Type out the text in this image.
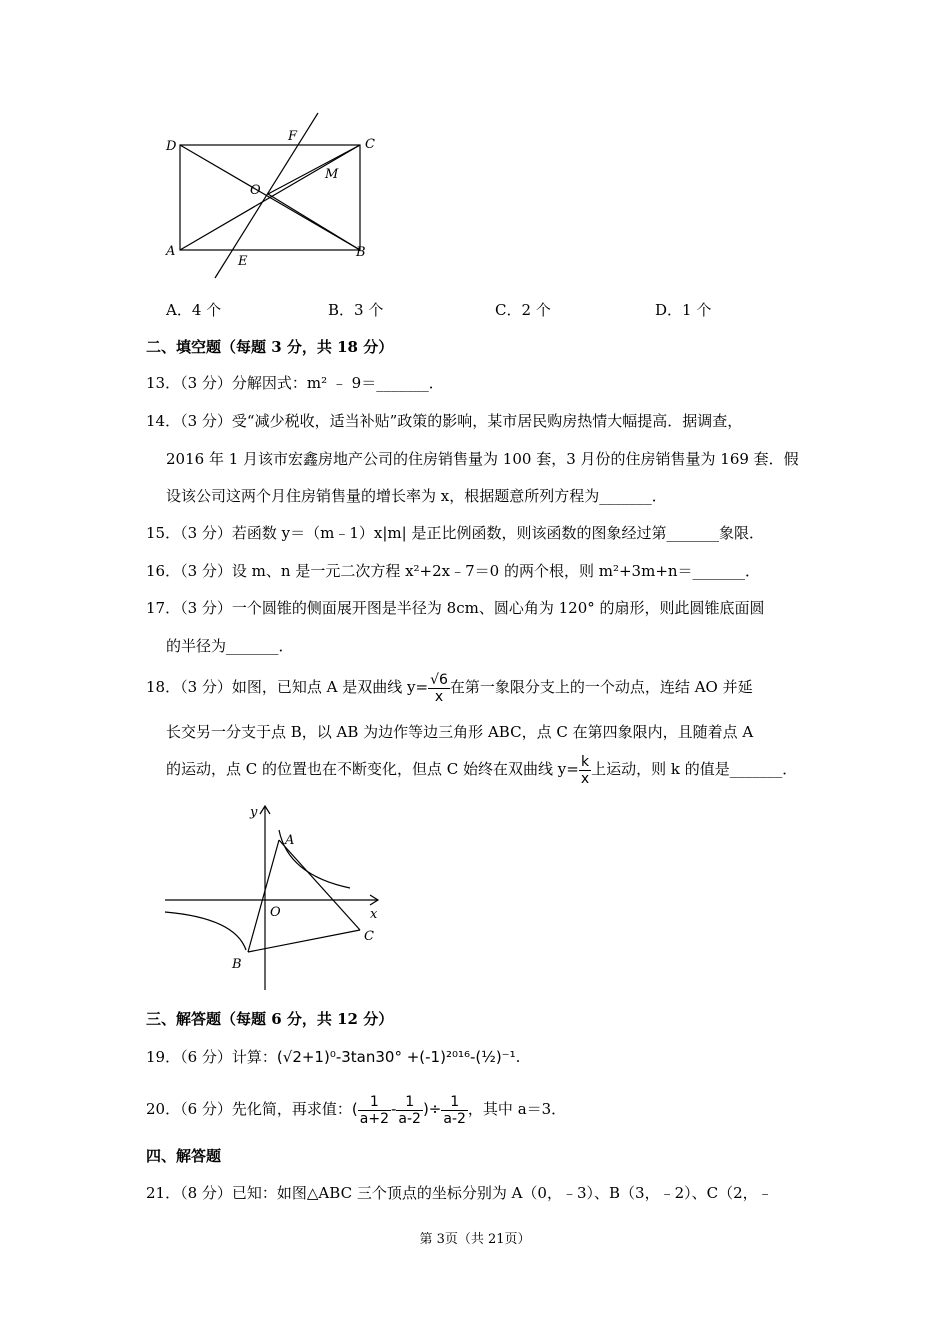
D
F
C
O
M
A
E
B
A．4 个	B．3 个	C．2 个	D．1 个
二、填空题（每题 3 分，共 18 分）
13．（3 分）分解因式：m² ﹣ 9＝_______．
14．（3 分）受“减少税收，适当补贴”政策的影响，某市居民购房热情大幅提高．据调查，
2016 年 1 月该市宏鑫房地产公司的住房销售量为 100 套，3 月份的住房销售量为 169 套．假
设该公司这两个月住房销售量的增长率为 x，根据题意所列方程为_______．
15．（3 分）若函数 y＝（m﹣1）x|m| 是正比例函数，则该函数的图象经过第_______象限．
16．（3 分）设 m、n 是一元二次方程 x²+2x﹣7＝0 的两个根，则 m²+3m+n＝_______．
17．（3 分）一个圆锥的侧面展开图是半径为 8cm、圆心角为 120° 的扇形，则此圆锥底面圆
的半径为_______．
18．（3 分）如图，已知点 A 是双曲线 $y= \frac{√6}{x}$ 在第一象限分支上的一个动点，连结 AO 并延
长交另一分支于点 B，以 AB 为边作等边三角形 ABC，点 C 在第四象限内，且随着点 A
的运动，点 C 的位置也在不断变化，但点 C 始终在双曲线 $y= \frac{k}{x}$ 上运动，则 k 的值是_______．
y
A
O	x
C
B
三、解答题（每题 6 分，共 12 分）
19．（6 分）计算：(√2+1)⁰-3tan30° +(-1)²⁰¹⁶-(½)⁻¹.
20．（6 分）先化简，再求值：( $\frac{1}{a+2} - \frac{1}{a-2}$ )÷ $\frac{1}{a-2}$ ，其中 a＝3．
四、解答题
21．（8 分）已知：如图△ABC 三个顶点的坐标分别为 A（0，﹣3）、B（3，﹣2）、C（2，﹣
第 3页（共 21页）
